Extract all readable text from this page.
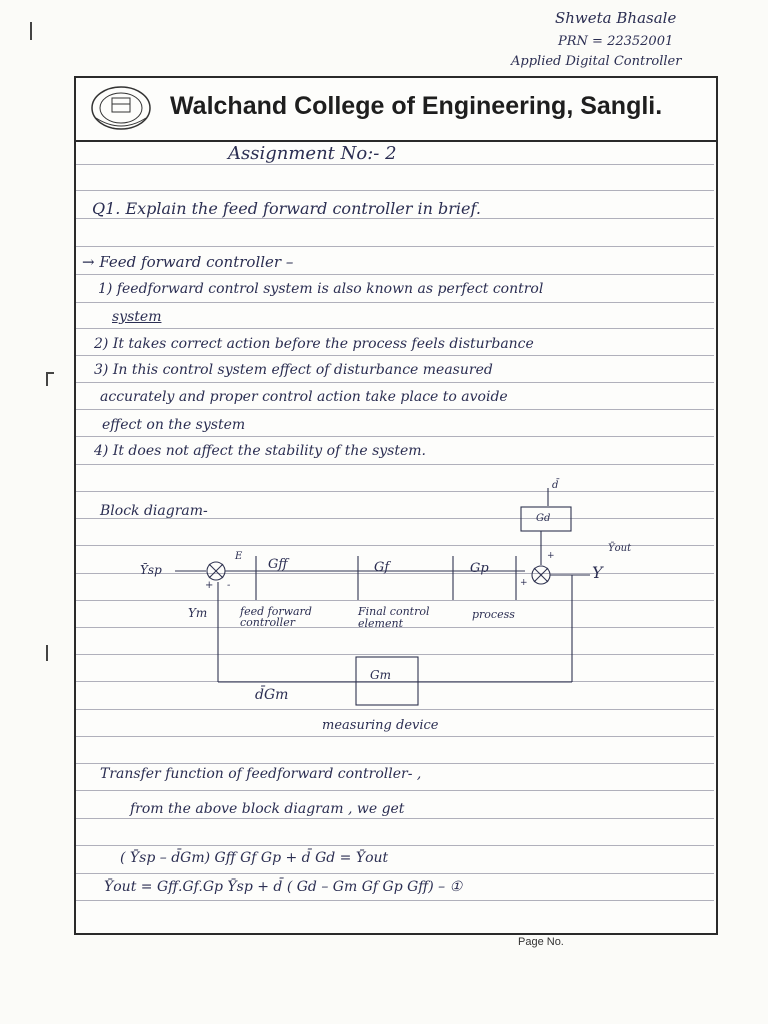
Shweta Bhasale
PRN = 22352001
Applied Digital Controller
Walchand College of Engineering, Sangli.
Assignment No:- 2
Q1. Explain the feed forward controller in brief.
→ Feed forward controller –
1) feedforward control system is also known as perfect control
system
2) It takes correct action before the process feels disturbance
3) In this control system effect of disturbance measured
accurately and proper control action take place to avoide
effect on the system
4) It does not affect the stability of the system.
Block diagram-
Ȳsp
E
+ -
Gff	Gf	Gp
Gd
d̄
Y
Ȳout
+
+
Ym	feed forward controller
Final control element
process
Gm
d̄Gm
measuring device
Transfer function of feedforward controller- ,
from the above block diagram , we get
( Ȳsp – d̄Gm) Gff Gf Gp + d̄ Gd = Ȳout
Ȳout = Gff.Gf.Gp Ȳsp + d̄ ( Gd – Gm Gf Gp Gff) – ①
Page No.
